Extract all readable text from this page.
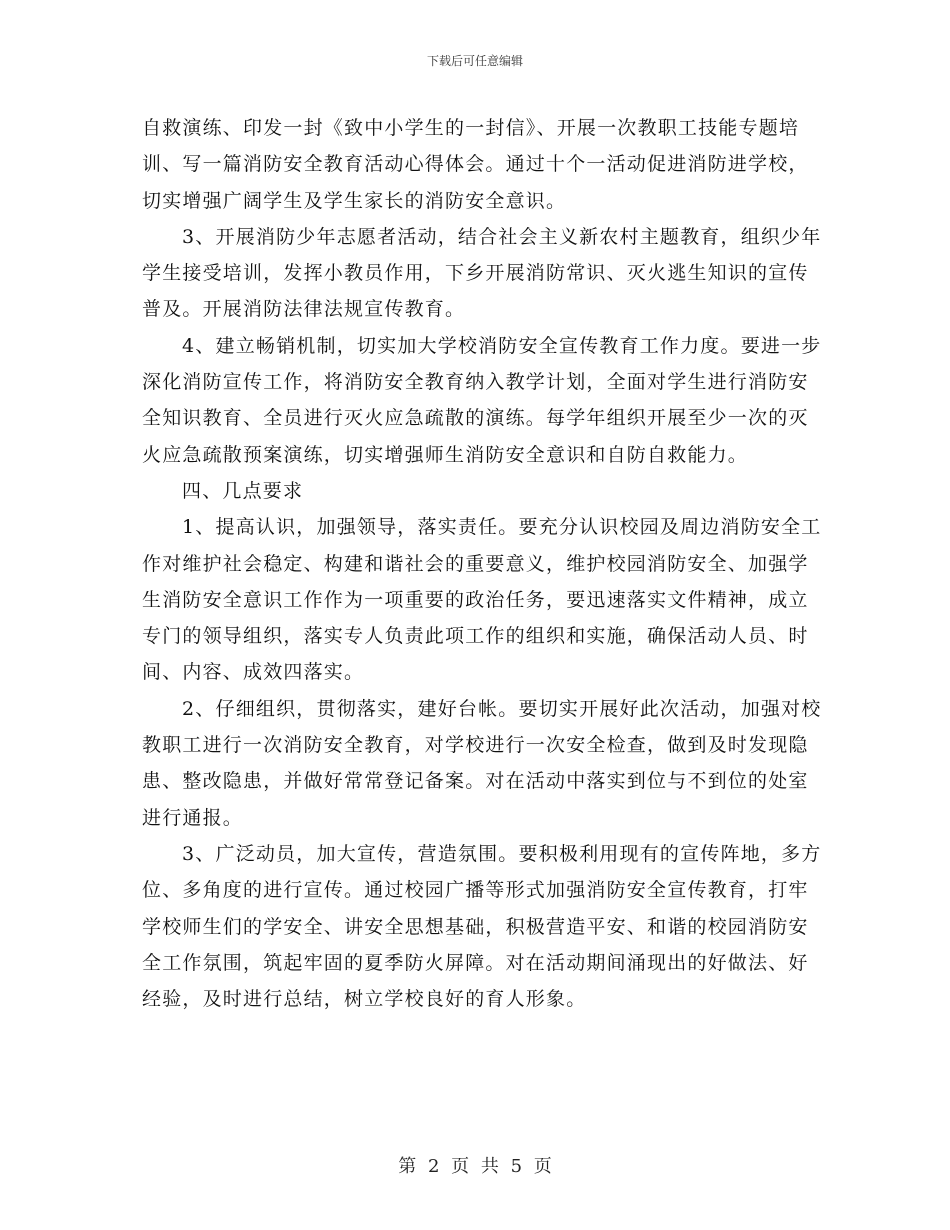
下载后可任意编辑

自救演练、印发一封《致中小学生的一封信》、开展一次教职工技能专题培训、写一篇消防安全教育活动心得体会。通过十个一活动促进消防进学校，切实增强广阔学生及学生家长的消防安全意识。

3、开展消防少年志愿者活动，结合社会主义新农村主题教育，组织少年学生接受培训，发挥小教员作用，下乡开展消防常识、灭火逃生知识的宣传普及。开展消防法律法规宣传教育。

4、建立畅销机制，切实加大学校消防安全宣传教育工作力度。要进一步深化消防宣传工作，将消防安全教育纳入教学计划，全面对学生进行消防安全知识教育、全员进行灭火应急疏散的演练。每学年组织开展至少一次的灭火应急疏散预案演练，切实增强师生消防安全意识和自防自救能力。

四、几点要求

1、提高认识，加强领导，落实责任。要充分认识校园及周边消防安全工作对维护社会稳定、构建和谐社会的重要意义，维护校园消防安全、加强学生消防安全意识工作作为一项重要的政治任务，要迅速落实文件精神，成立专门的领导组织，落实专人负责此项工作的组织和实施，确保活动人员、时间、内容、成效四落实。

2、仔细组织，贯彻落实，建好台帐。要切实开展好此次活动，加强对校教职工进行一次消防安全教育，对学校进行一次安全检查，做到及时发现隐患、整改隐患，并做好常常登记备案。对在活动中落实到位与不到位的处室进行通报。

3、广泛动员，加大宣传，营造氛围。要积极利用现有的宣传阵地，多方位、多角度的进行宣传。通过校园广播等形式加强消防安全宣传教育，打牢学校师生们的学安全、讲安全思想基础，积极营造平安、和谐的校园消防安全工作氛围，筑起牢固的夏季防火屏障。对在活动期间涌现出的好做法、好经验，及时进行总结，树立学校良好的育人形象。

第 2 页 共 5 页
